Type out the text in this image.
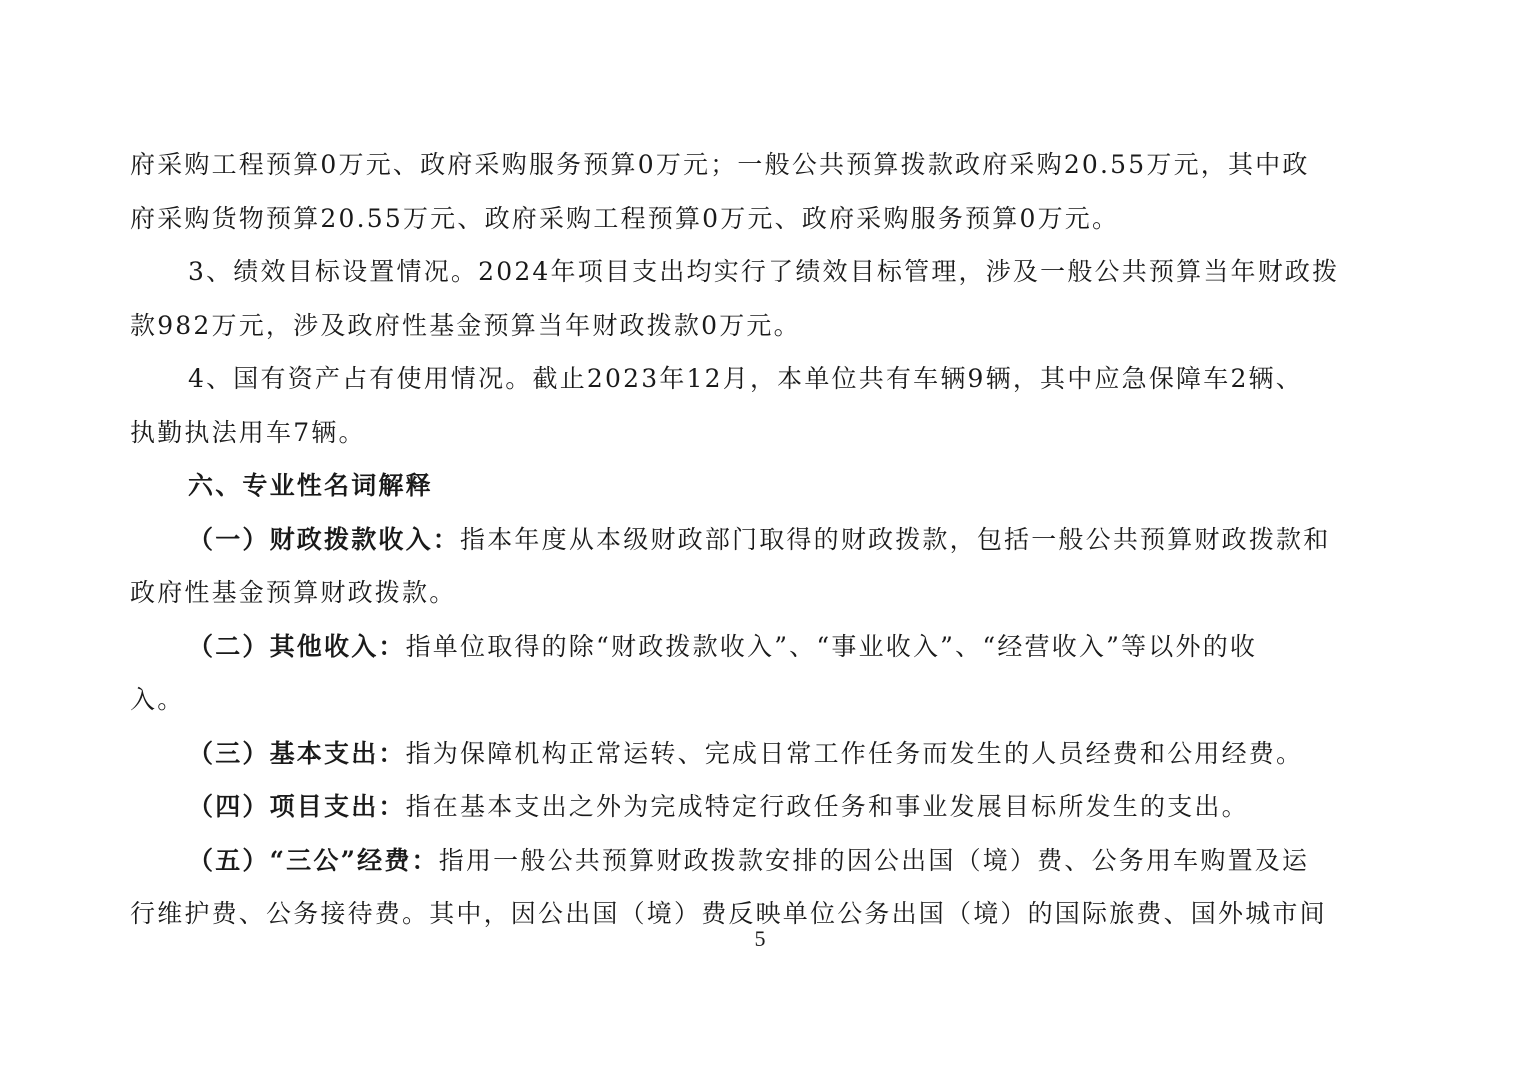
府采购工程预算0万元、政府采购服务预算0万元；一般公共预算拨款政府采购20.55万元，其中政
府采购货物预算20.55万元、政府采购工程预算0万元、政府采购服务预算0万元。
3、绩效目标设置情况。2024年项目支出均实行了绩效目标管理，涉及一般公共预算当年财政拨
款982万元，涉及政府性基金预算当年财政拨款0万元。
4、国有资产占有使用情况。截止2023年12月，本单位共有车辆9辆，其中应急保障车2辆、
执勤执法用车7辆。
六、专业性名词解释
（一）财政拨款收入：指本年度从本级财政部门取得的财政拨款，包括一般公共预算财政拨款和
政府性基金预算财政拨款。
（二）其他收入：指单位取得的除“财政拨款收入”、“事业收入”、“经营收入”等以外的收
入。
（三）基本支出：指为保障机构正常运转、完成日常工作任务而发生的人员经费和公用经费。
（四）项目支出：指在基本支出之外为完成特定行政任务和事业发展目标所发生的支出。
（五）“三公”经费：指用一般公共预算财政拨款安排的因公出国（境）费、公务用车购置及运
行维护费、公务接待费。其中，因公出国（境）费反映单位公务出国（境）的国际旅费、国外城市间
5
